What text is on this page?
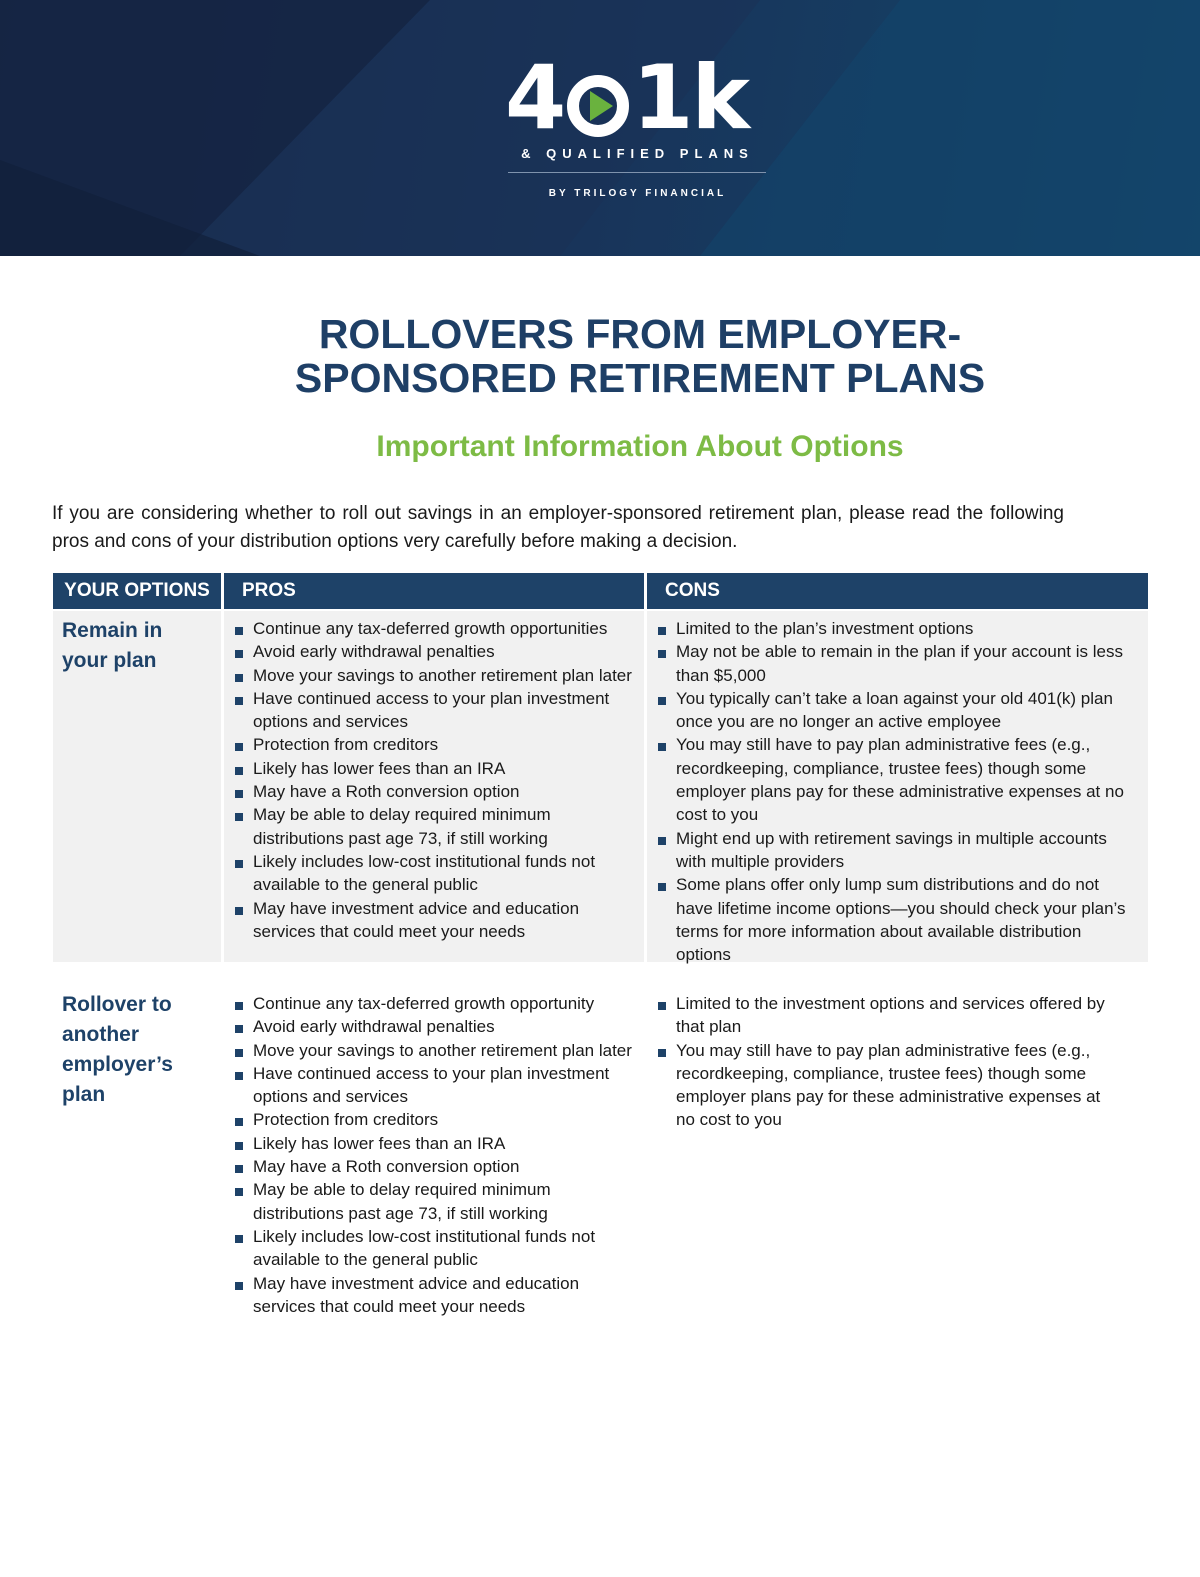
4 1k
& QUALIFIED PLANS
BY TRILOGY FINANCIAL
ROLLOVERS FROM EMPLOYER-
SPONSORED RETIREMENT PLANS
Important Information About Options

If you are considering whether to roll out savings in an employer-sponsored retirement plan, please read the following pros and cons of your distribution options very carefully before making a decision.

YOUR OPTIONS	PROS	CONS

Remain in your plan

Continue any tax-deferred growth opportunities
Avoid early withdrawal penalties
Move your savings to another retirement plan later
Have continued access to your plan investment options and services
Protection from creditors
Likely has lower fees than an IRA
May have a Roth conversion option
May be able to delay required minimum distributions past age 73, if still working
Likely includes low-cost institutional funds not available to the general public
May have investment advice and education services that could meet your needs
Limited to the plan’s investment options
May not be able to remain in the plan if your account is less than $5,000
You typically can’t take a loan against your old 401(k) plan once you are no longer an active employee
You may still have to pay plan administrative fees (e.g., recordkeeping, compliance, trustee fees) though some employer plans pay for these administrative expenses at no cost to you
Might end up with retirement savings in multiple accounts with multiple providers
Some plans offer only lump sum distributions and do not have lifetime income options—you should check your plan’s terms for more information about available distribution options

Rollover to another employer’s plan

Continue any tax-deferred growth opportunity
Avoid early withdrawal penalties
Move your savings to another retirement plan later
Have continued access to your plan investment options and services
Protection from creditors
Likely has lower fees than an IRA
May have a Roth conversion option
May be able to delay required minimum distributions past age 73, if still working
Likely includes low-cost institutional funds not available to the general public
May have investment advice and education services that could meet your needs
Limited to the investment options and services offered by that plan
You may still have to pay plan administrative fees (e.g., recordkeeping, compliance, trustee fees) though some employer plans pay for these administrative expenses at no cost to you
